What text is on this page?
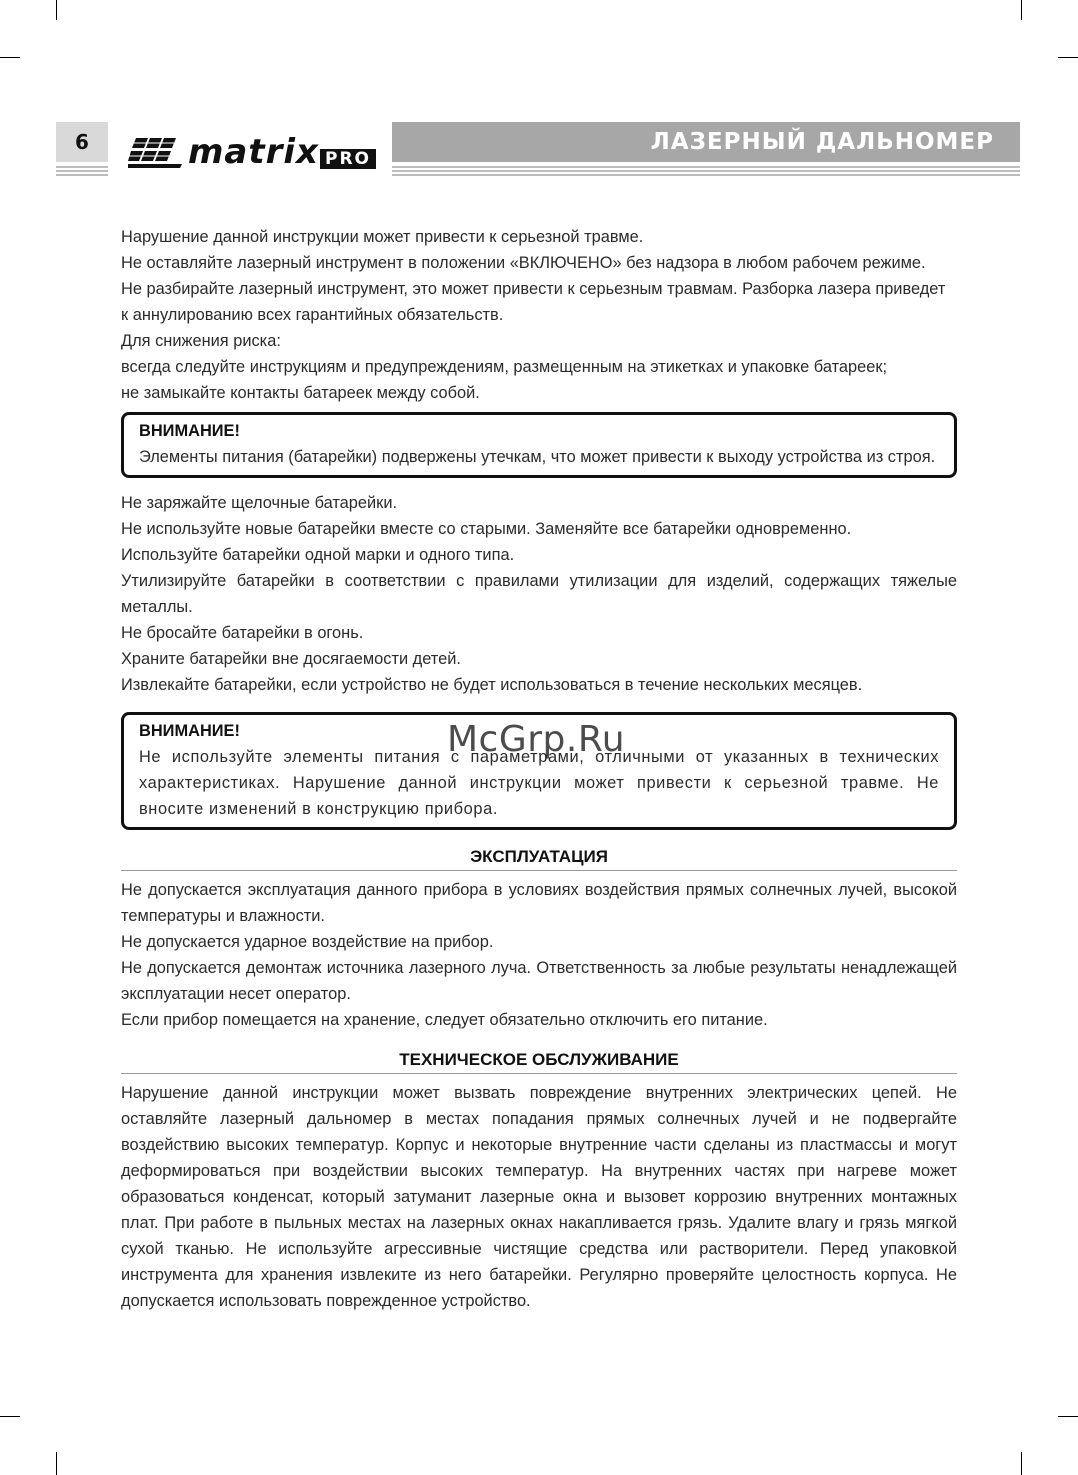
6	matrix PRO
ЛАЗЕРНЫЙ ДАЛЬНОМЕР

Нарушение данной инструкции может привести к серьезной травме.

Не оставляйте лазерный инструмент в положении «ВКЛЮЧЕНО» без надзора в любом рабочем режиме.

Не разбирайте лазерный инструмент, это может привести к серьезным травмам. Разборка лазера приведет к аннулированию всех гарантийных обязательств.

Для снижения риска:

всегда следуйте инструкциям и предупреждениям, размещенным на этикетках и упаковке батареек;

не замыкайте контакты батареек между собой.

ВНИМАНИЕ!
Элементы питания (батарейки) подвержены утечкам, что может привести к выходу устройства из строя.

Не заряжайте щелочные батарейки.

Не используйте новые батарейки вместе со старыми. Заменяйте все батарейки одновременно.

Используйте батарейки одной марки и одного типа.

Утилизируйте батарейки в соответствии с правилами утилизации для изделий, содержащих тяжелые металлы.

Не бросайте батарейки в огонь.

Храните батарейки вне досягаемости детей.

Извлекайте батарейки, если устройство не будет использоваться в течение нескольких месяцев.

ВНИМАНИЕ!
Не используйте элементы питания с параметрами, отличными от указанных в технических характеристиках. Нарушение данной инструкции может привести к серьезной травме. Не вносите изменений в конструкцию прибора.
ЭКСПЛУАТАЦИЯ

Не допускается эксплуатация данного прибора в условиях воздействия прямых солнечных лучей, высокой температуры и влажности.

Не допускается ударное воздействие на прибор.

Не допускается демонтаж источника лазерного луча. Ответственность за любые результаты ненадлежащей эксплуатации несет оператор.

Если прибор помещается на хранение, следует обязательно отключить его питание.

ТЕХНИЧЕСКОЕ ОБСЛУЖИВАНИЕ

Нарушение данной инструкции может вызвать повреждение внутренних электрических цепей. Не оставляйте лазерный дальномер в местах попадания прямых солнечных лучей и не подвергайте воздействию высоких температур. Корпус и некоторые внутренние части сделаны из пластмассы и могут деформироваться при воздействии высоких температур. На внутренних частях при нагреве может образоваться конденсат, который затуманит лазерные окна и вызовет коррозию внутренних монтажных плат. При работе в пыльных местах на лазерных окнах накапливается грязь. Удалите влагу и грязь мягкой сухой тканью. Не используйте агрессивные чистящие средства или растворители. Перед упаковкой инструмента для хранения извлеките из него батарейки. Регулярно проверяйте целостность корпуса. Не допускается использовать поврежденное устройство.

McGrp.Ru
